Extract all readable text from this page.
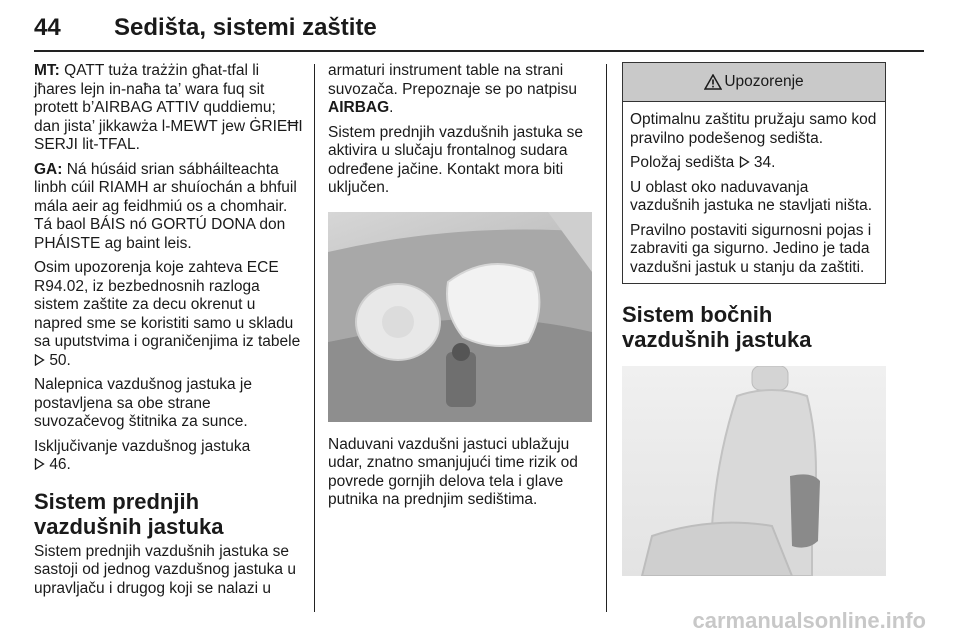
44 Sedišta, sistemi zaštite

MT: QATT tuża trażżin għat-tfal li jħares lejn in-naħa ta’ wara fuq sit protett b’AIRBAG ATTIV quddiemu; dan jista’ jikkawża l-MEWT jew ĠRIEĦI SERJI lit-TFAL.

GA: Ná húsáid srian sábháilteachta linbh cúil RIAMH ar shuíochán a bhfuil mála aeir ag feidhmiú os a chomhair. Tá baol BÁIS nó GORTÚ DONA don PHÁISTE ag baint leis.

Osim upozorenja koje zahteva ECE R94.02, iz bezbednosnih razloga sistem zaštite za decu okrenut u napred sme se koristiti samo u skladu sa uputstvima i ograničenjima iz tabele  50.

Nalepnica vazdušnog jastuka je postavljena sa obe strane suvozačevog štitnika za sunce.

Isključivanje vazdušnog jastuka
46.

Sistem prednjih vazdušnih jastuka

Sistem prednjih vazdušnih jastuka se sastoji od jednog vazdušnog jastuka u upravljaču i drugog koji se nalazi u

armaturi instrument table na strani suvozača. Prepoznaje se po natpisu
AIRBAG.

Sistem prednjih vazdušnih jastuka se aktivira u slučaju frontalnog sudara određene jačine. Kontakt mora biti uključen.

Naduvani vazdušni jastuci ublažuju udar, znatno smanjujući time rizik od povrede gornjih delova tela i glave putnika na prednjim sedištima.

Upozorenje

Optimalnu zaštitu pružaju samo kod pravilno podešenog sedišta.

Položaj sedišta 34.

U oblast oko naduvavanja vazdušnih jastuka ne stavljati ništa.

Pravilno postaviti sigurnosni pojas i zabraviti ga sigurno. Jedino je tada vazdušni jastuk u stanju da zaštiti.

Sistem bočnih vazdušnih jastuka
carmanualsonline.info
